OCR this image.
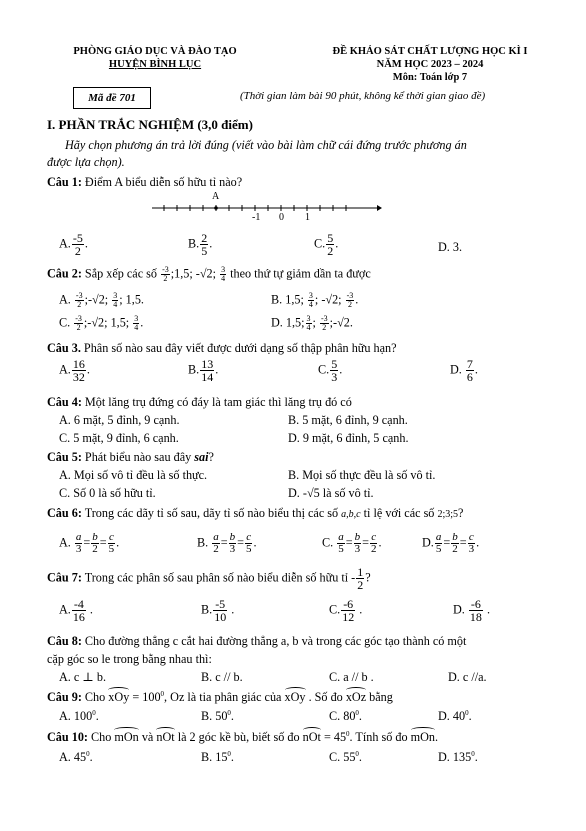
PHÒNG GIÁO DỤC VÀ ĐÀO TẠO
HUYỆN BÌNH LỤC
ĐỀ KHẢO SÁT CHẤT LƯỢNG HỌC KÌ I
NĂM HỌC 2023 – 2024
Môn: Toán lớp 7
Mã đề 701	(Thời gian làm bài 90 phút, không kể thời gian giao đề)
I. PHẦN TRẮC NGHIỆM (3,0 điểm)
Hãy chọn phương án trả lời đúng (viết vào bài làm chữ cái đứng trước phương án
được lựa chọn).
Câu 1: Điểm A biểu diễn số hữu tỉ nào?
A
-1 0 1
A. $\frac{-5}{2}$ .	B. $\frac{2}{5}$ .	C. $\frac{5}{2}$ .	D. 3.
Câu 2: Sắp xếp các số $\frac{-3}{2}$ ;1,5; -√2; $\frac{3}{4}$ theo thứ tự giảm dần ta được
A. $\frac{-3}{2}$ ;-√2; $\frac{3}{4}$ ; 1,5.	B. 1,5; $\frac{3}{4}$ ; -√2; $\frac{-3}{2}$ .
C. $\frac{-3}{2}$ ;-√2; 1,5; $\frac{3}{4}$ .	D. 1,5; $\frac{3}{4}$ ; $\frac{-3}{2}$ ;-√2.
Câu 3. Phân số nào sau đây viết được dưới dạng số thập phân hữu hạn?
A. $\frac{16}{32}$ .	B. $\frac{13}{14}$ .	C. $\frac{5}{3}$ .	D. $\frac{7}{6}$ .
Câu 4: Một lăng trụ đứng có đáy là tam giác thì lăng trụ đó có
A. 6 mặt, 5 đỉnh, 9 cạnh.	B. 5 mặt, 6 đỉnh, 9 cạnh.
C. 5 mặt, 9 đỉnh, 6 cạnh.	D. 9 mặt, 6 đỉnh, 5 cạnh.
Câu 5: Phát biểu nào sau đây sai?
A. Mọi số vô tỉ đều là số thực.	B. Mọi số thực đều là số vô tỉ.
C. Số 0 là số hữu tỉ.	D. -√5 là số vô tỉ.
Câu 6: Trong các dãy tỉ số sau, dãy tỉ số nào biểu thị các số a,b,c tỉ lệ với các số 2;3;5?
A. $\frac{a}{3} = \frac{b}{2} = \frac{c}{5}$ .	B. $\frac{a}{2} = \frac{b}{3} = \frac{c}{5}$ .	C. $\frac{a}{5} = \frac{b}{3} = \frac{c}{2}$ .	D. $\frac{a}{5} = \frac{b}{2} = \frac{c}{3}$ .
Câu 7: Trong các phân số sau phân số nào biểu diễn số hữu tỉ - $\frac{1}{2}$ ?
A. $\frac{-4}{16}$ .	B. $\frac{-5}{10}$ .	C. $\frac{-6}{12}$ .	D. $\frac{-6}{18}$ .
Câu 8: Cho đường thẳng c cắt hai đường thẳng a, b và trong các góc tạo thành có một
cặp góc so le trong bằng nhau thì:
A. c ⊥ b.	B. c // b.	C. a // b .	D. c //a.
Câu 9: Cho xOy = $100^0$, Oz là tia phân giác của xOy . Số đo xOz bằng
A. $100^0$.	B. $50^0$.	C. $80^0$.	D. $40^0$.
Câu 10: Cho mOn và nOt là 2 góc kề bù, biết số đo nOt = $45^0$. Tính số đo mOn.
A. $45^0$.	B. $15^0$.	C. $55^0$.	D. $135^0$.
